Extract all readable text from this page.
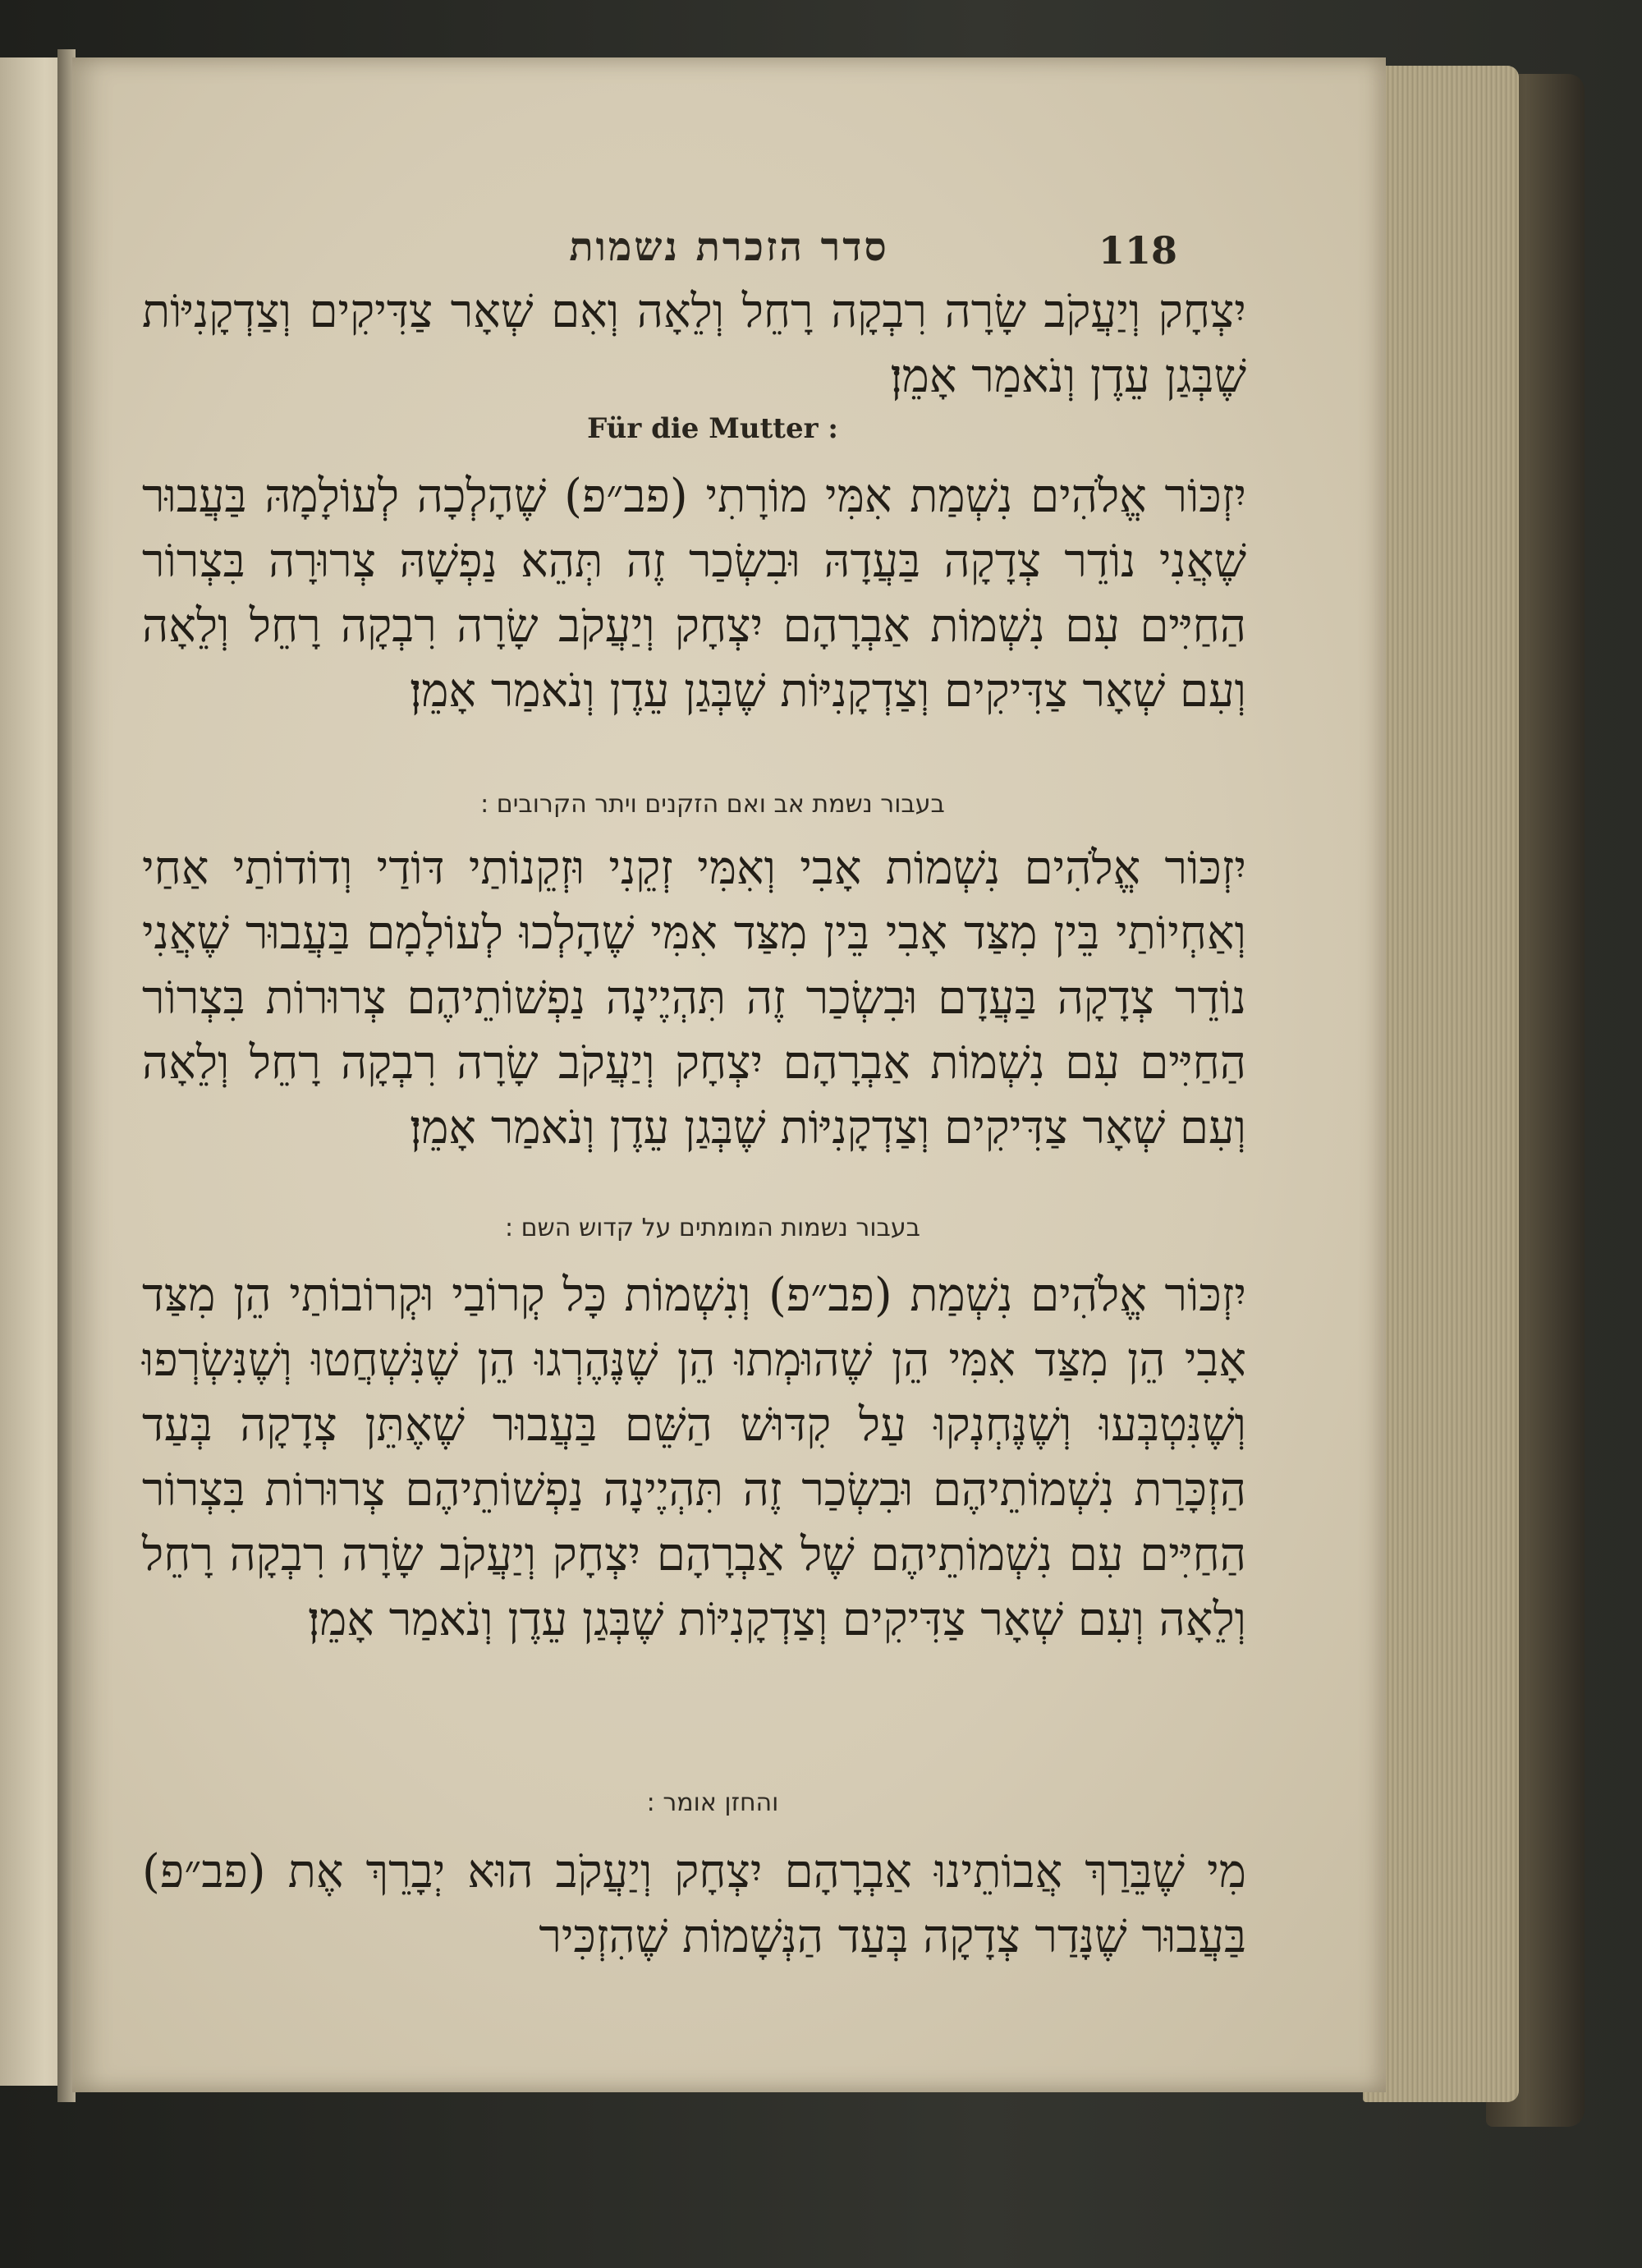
סדר הזכרת נשמות	118
יִצְחָק וְיַעֲקֹב שָׂרָה רִבְקָה רָחֵל וְלֵאָה וְאִם שְׁאָר צַדִּיקִים וְצַדְקָנִיּוֹת שֶׁבְּגַן עֵדֶן וְנֹאמַר אָמֵן׃
Für die Mutter :
יִזְכּוֹר אֱלֹהִים נִשְׁמַת אִמִּי מוֹרָתִי (פב״פ) שֶׁהָלְכָה לְעוֹלָמָהּ בַּעֲבוּר שֶׁאֲנִי נוֹדֵר צְדָקָה בַּעֲדָהּ וּבִשְׂכַר זֶה תְּהֵא נַפְשָׁהּ צְרוּרָה בִּצְרוֹר הַחַיִּים עִם נִשְׁמוֹת אַבְרָהָם יִצְחָק וְיַעֲקֹב שָׂרָה רִבְקָה רָחֵל וְלֵאָה וְעִם שְׁאָר צַדִּיקִים וְצַדְקָנִיּוֹת שֶׁבְּגַן עֵדֶן וְנֹאמַר אָמֵן׃
בעבור נשמת אב ואם הזקנים ויתר הקרובים :
יִזְכּוֹר אֱלֹהִים נִשְׁמוֹת אָבִי וְאִמִּי זְקֵנִי וּזְקֵנוֹתַי דּוֹדַי וְדוֹדוֹתַי אַחַי וְאַחְיוֹתַי בֵּין מִצַּד אָבִי בֵּין מִצַּד אִמִּי שֶׁהָלְכוּ לְעוֹלָמָם בַּעֲבוּר שֶׁאֲנִי נוֹדֵר צְדָקָה בַּעֲדָם וּבִשְׂכַר זֶה תִּהְיֶינָה נַפְשׁוֹתֵיהֶם צְרוּרוֹת בִּצְרוֹר הַחַיִּים עִם נִשְׁמוֹת אַבְרָהָם יִצְחָק וְיַעֲקֹב שָׂרָה רִבְקָה רָחֵל וְלֵאָה וְעִם שְׁאָר צַדִּיקִים וְצַדְקָנִיּוֹת שֶׁבְּגַן עֵדֶן וְנֹאמַר אָמֵן׃
בעבור נשמות המומתים על קדוש השם :
יִזְכּוֹר אֱלֹהִים נִשְׁמַת (פב״פ) וְנִשְׁמוֹת כָּל קְרוֹבַי וּקְרוֹבוֹתַי הֵן מִצַּד אָבִי הֵן מִצַּד אִמִּי הֵן שֶׁהוּמְתוּ הֵן שֶׁנֶּהֶרְגוּ הֵן שֶׁנִּשְׁחֲטוּ וְשֶׁנִּשְׂרְפוּ וְשֶׁנִּטְבְּעוּ וְשֶׁנֶּחְנְקוּ עַל קִדּוּשׁ הַשֵּׁם בַּעֲבוּר שֶׁאֶתֵּן צְדָקָה בְּעַד הַזְכָּרַת נִשְׁמוֹתֵיהֶם וּבִשְׂכַר זֶה תִּהְיֶינָה נַפְשׁוֹתֵיהֶם צְרוּרוֹת בִּצְרוֹר הַחַיִּים עִם נִשְׁמוֹתֵיהֶם שֶׁל אַבְרָהָם יִצְחָק וְיַעֲקֹב שָׂרָה רִבְקָה רָחֵל וְלֵאָה וְעִם שְׁאָר צַדִּיקִים וְצַדְקָנִיּוֹת שֶׁבְּגַן עֵדֶן וְנֹאמַר אָמֵן׃
והחזן אומר :
מִי שֶׁבֵּרַךְ אֲבוֹתֵינוּ אַבְרָהָם יִצְחָק וְיַעֲקֹב הוּא יְבָרֵךְ אֶת (פב״פ) בַּעֲבוּר שֶׁנָּדַר צְדָקָה בְּעַד הַנְּשָׁמוֹת שֶׁהִזְכִּיר
